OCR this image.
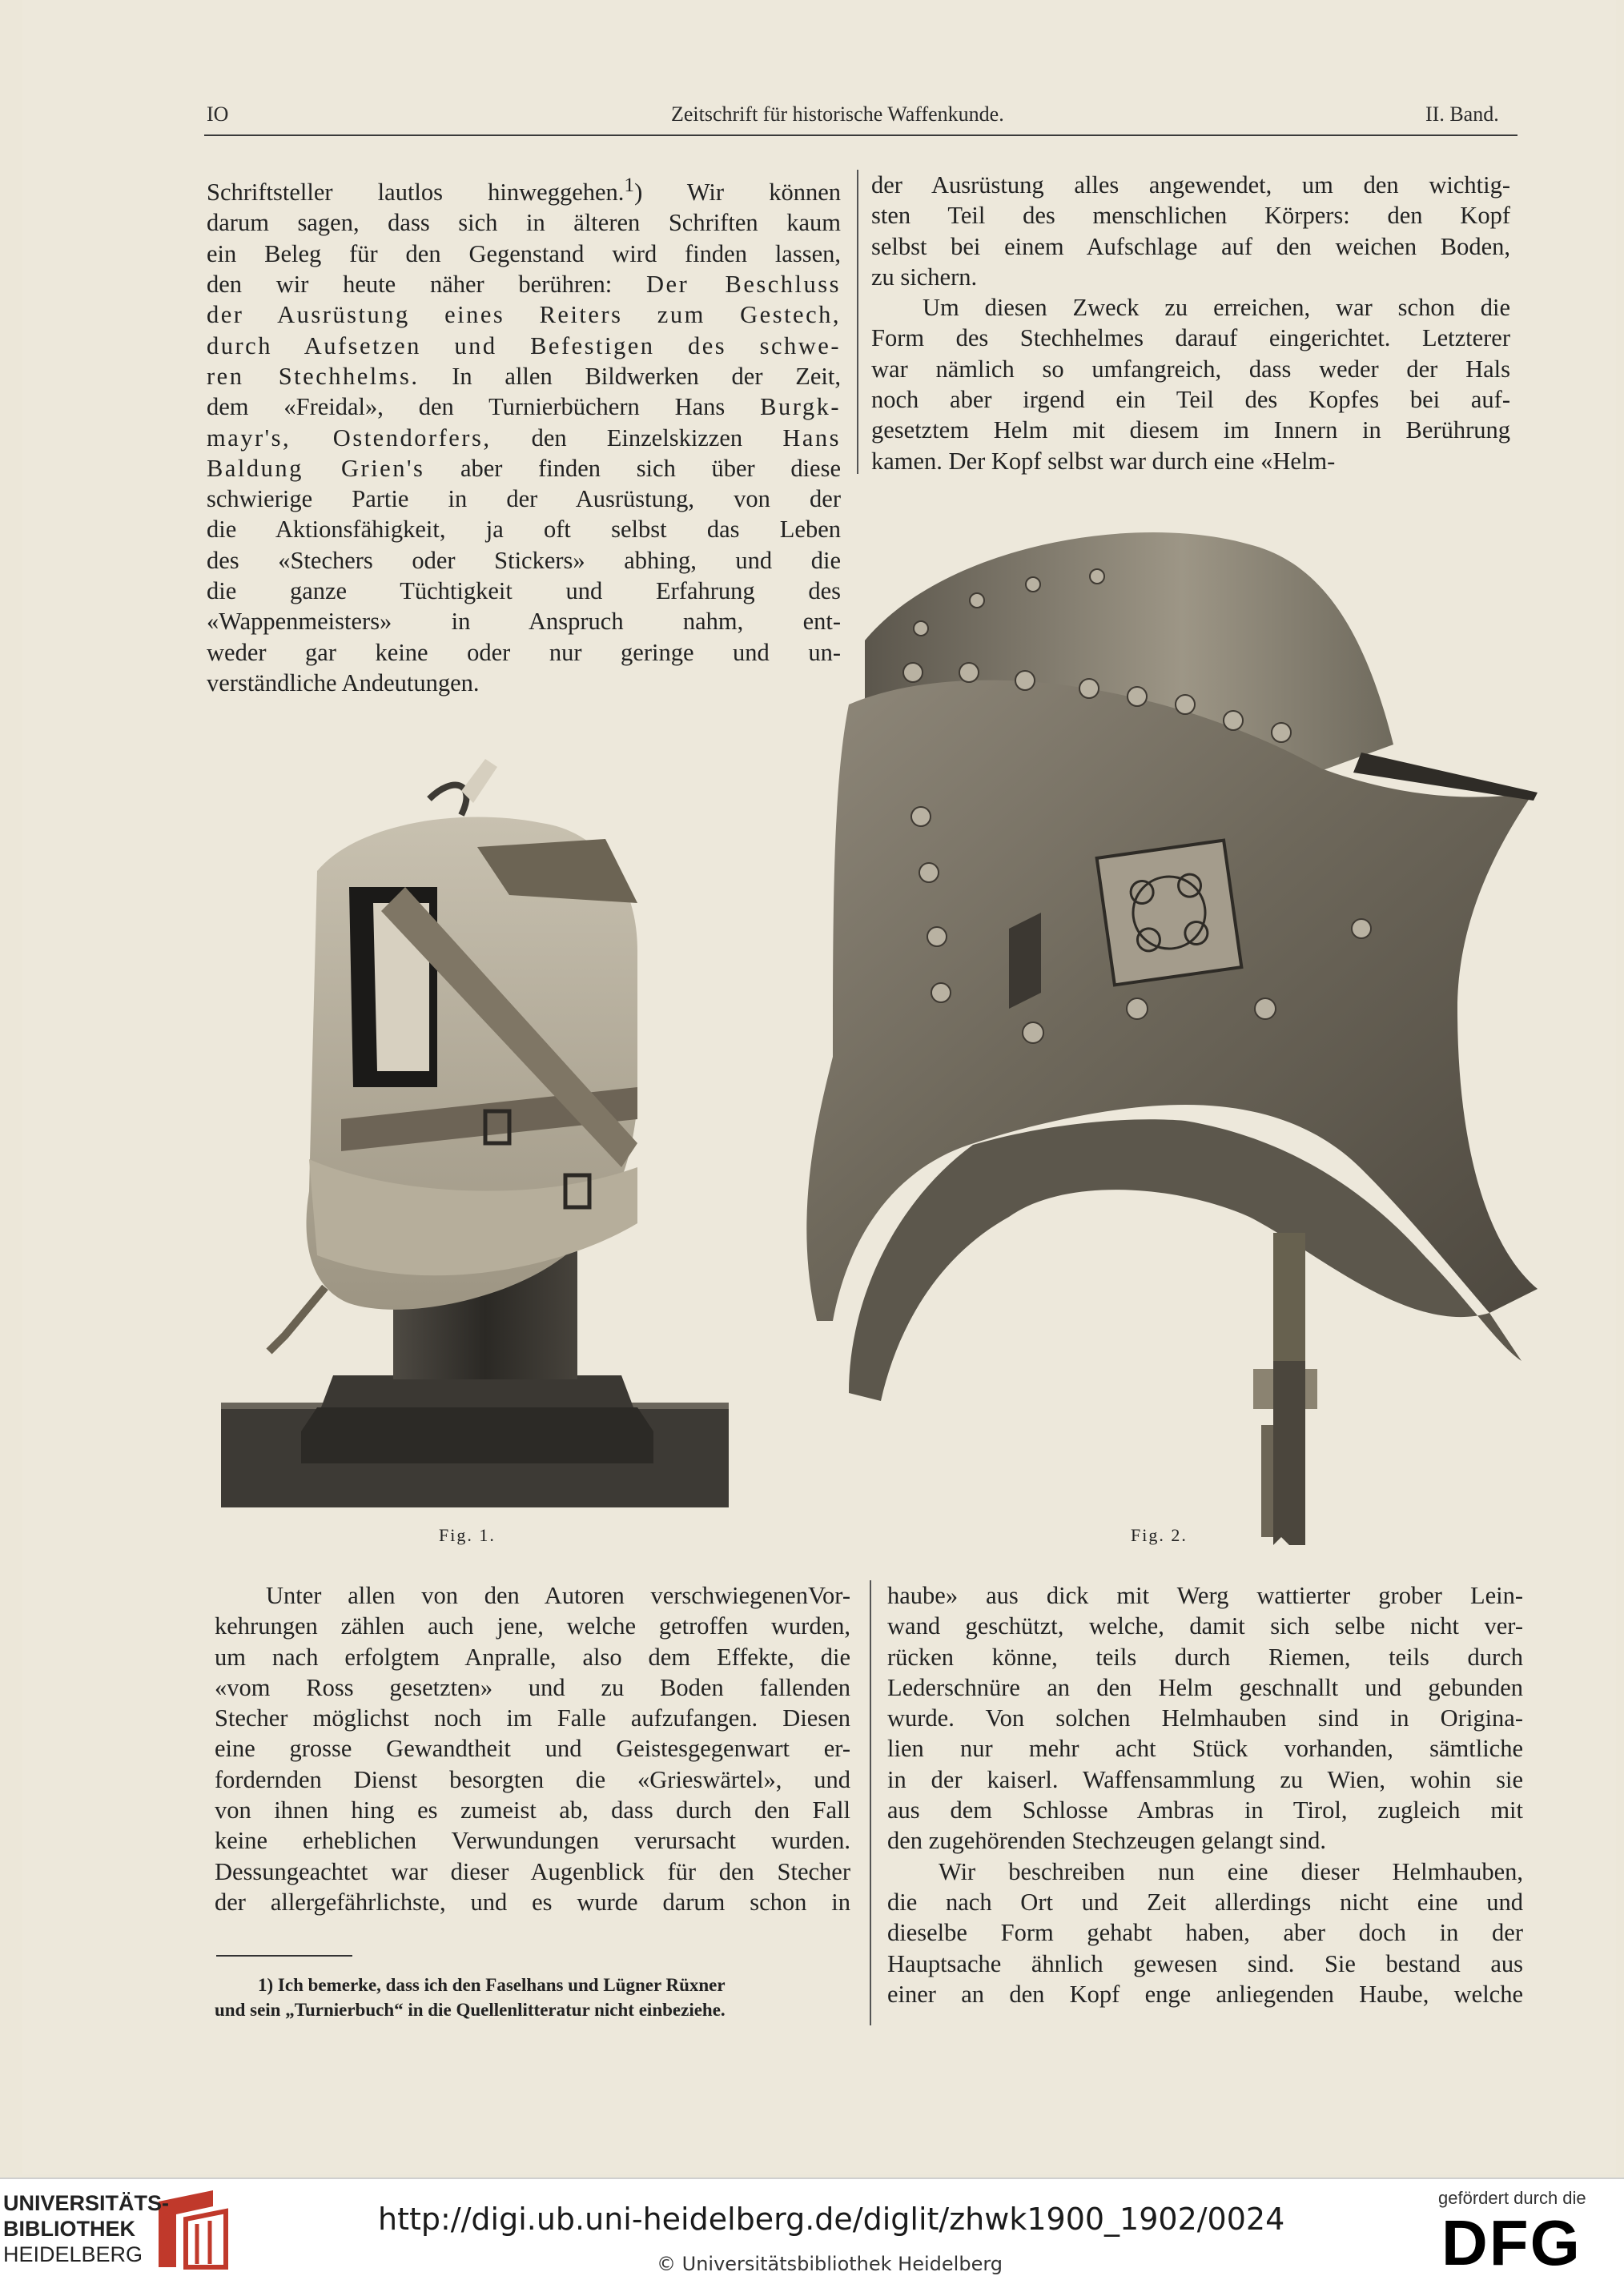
IO	Zeitschrift für historische Waffenkunde.	II. Band.
Schriftsteller lautlos hinweggehen.$^1$) Wir können
darum sagen, dass sich in älteren Schriften kaum
ein Beleg für den Gegenstand wird finden lassen,
den wir heute näher berühren: Der Beschluss
der Ausrüstung eines Reiters zum Gestech,
durch Aufsetzen und Befestigen des schwe-
ren Stechhelms. In allen Bildwerken der Zeit,
dem «Freidal», den Turnierbüchern Hans Burgk-
mayr's, Ostendorfers, den Einzelskizzen Hans
Baldung Grien's aber finden sich über diese
schwierige Partie in der Ausrüstung, von der
die Aktionsfähigkeit, ja oft selbst das Leben
des «Stechers oder Stickers» abhing, und die
die ganze Tüchtigkeit und Erfahrung des
«Wappenmeisters» in Anspruch nahm, ent-
weder gar keine oder nur geringe und un-
verständliche Andeutungen.
der Ausrüstung alles angewendet, um den wichtig-
sten Teil des menschlichen Körpers: den Kopf
selbst bei einem Aufschlage auf den weichen Boden,
zu sichern.
Um diesen Zweck zu erreichen, war schon die
Form des Stechhelmes darauf eingerichtet. Letzterer
war nämlich so umfangreich, dass weder der Hals
noch aber irgend ein Teil des Kopfes bei auf-
gesetztem Helm mit diesem im Innern in Berührung
kamen. Der Kopf selbst war durch eine «Helm-
Fig. 1.	Fig. 2.
Unter allen von den Autoren verschwiegenenVor-
kehrungen zählen auch jene, welche getroffen wurden,
um nach erfolgtem Anpralle, also dem Effekte, die
«vom Ross gesetzten» und zu Boden fallenden
Stecher möglichst noch im Falle aufzufangen. Diesen
eine grosse Gewandtheit und Geistesgegenwart er-
fordernden Dienst besorgten die «Grieswärtel», und
von ihnen hing es zumeist ab, dass durch den Fall
keine erheblichen Verwundungen verursacht wurden.
Dessungeachtet war dieser Augenblick für den Stecher
der allergefährlichste, und es wurde darum schon in
haube» aus dick mit Werg wattierter grober Lein-
wand geschützt, welche, damit sich selbe nicht ver-
rücken könne, teils durch Riemen, teils durch
Lederschnüre an den Helm geschnallt und gebunden
wurde. Von solchen Helmhauben sind in Origina-
lien nur mehr acht Stück vorhanden, sämtliche
in der kaiserl. Waffensammlung zu Wien, wohin sie
aus dem Schlosse Ambras in Tirol, zugleich mit
den zugehörenden Stechzeugen gelangt sind.
Wir beschreiben nun eine dieser Helmhauben,
die nach Ort und Zeit allerdings nicht eine und
dieselbe Form gehabt haben, aber doch in der
Hauptsache ähnlich gewesen sind. Sie bestand aus
einer an den Kopf enge anliegenden Haube, welche
1) Ich bemerke, dass ich den Faselhans und Lügner Rüxner
und sein „Turnierbuch“ in die Quellenlitteratur nicht einbeziehe.
UNIVERSITÄTS-
BIBLIOTHEK
HEIDELBERG
http://digi.ub.uni-heidelberg.de/diglit/zhwk1900_1902/0024
© Universitätsbibliothek Heidelberg
gefördert durch die
DFG
